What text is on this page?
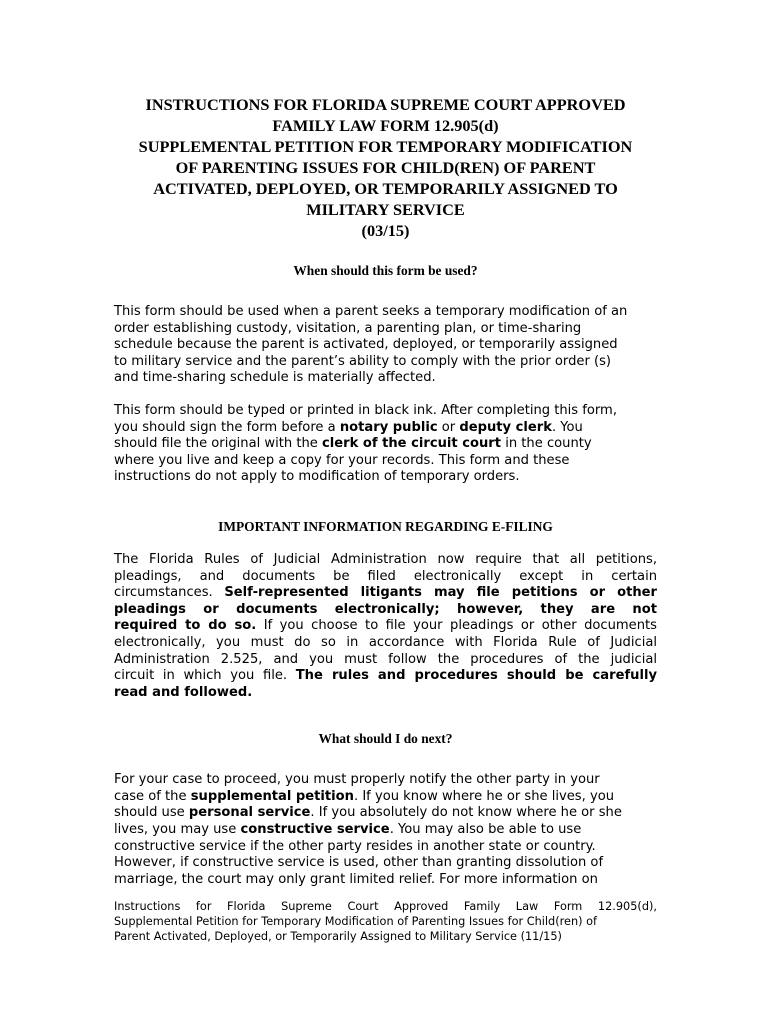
INSTRUCTIONS FOR FLORIDA SUPREME COURT APPROVED
FAMILY LAW FORM 12.905(d)
SUPPLEMENTAL PETITION FOR TEMPORARY MODIFICATION
OF PARENTING ISSUES FOR CHILD(REN) OF PARENT
ACTIVATED, DEPLOYED, OR TEMPORARILY ASSIGNED TO
MILITARY SERVICE
(03/15)
When should this form be used?
This form should be used when a parent seeks a temporary modification of an
order establishing custody, visitation, a parenting plan, or time-sharing
schedule because the parent is activated, deployed, or temporarily assigned
to military service and the parent’s ability to comply with the prior order (s)
and time-sharing schedule is materially affected.
This form should be typed or printed in black ink. After completing this form,
you should sign the form before a notary public or deputy clerk. You
should file the original with the clerk of the circuit court in the county
where you live and keep a copy for your records. This form and these
instructions do not apply to modification of temporary orders.
IMPORTANT INFORMATION REGARDING E-FILING
The Florida Rules of Judicial Administration now require that all petitions,
pleadings, and documents be filed electronically except in certain
circumstances. Self-represented litigants may file petitions or other
pleadings or documents electronically; however, they are not
required to do so. If you choose to file your pleadings or other documents
electronically, you must do so in accordance with Florida Rule of Judicial
Administration 2.525, and you must follow the procedures of the judicial
circuit in which you file. The rules and procedures should be carefully
read and followed.
What should I do next?
For your case to proceed, you must properly notify the other party in your
case of the supplemental petition. If you know where he or she lives, you
should use personal service. If you absolutely do not know where he or she
lives, you may use constructive service. You may also be able to use
constructive service if the other party resides in another state or country.
However, if constructive service is used, other than granting dissolution of
marriage, the court may only grant limited relief. For more information on
Instructions for Florida Supreme Court Approved Family Law Form 12.905(d),
Supplemental Petition for Temporary Modification of Parenting Issues for Child(ren) of
Parent Activated, Deployed, or Temporarily Assigned to Military Service (11/15)
